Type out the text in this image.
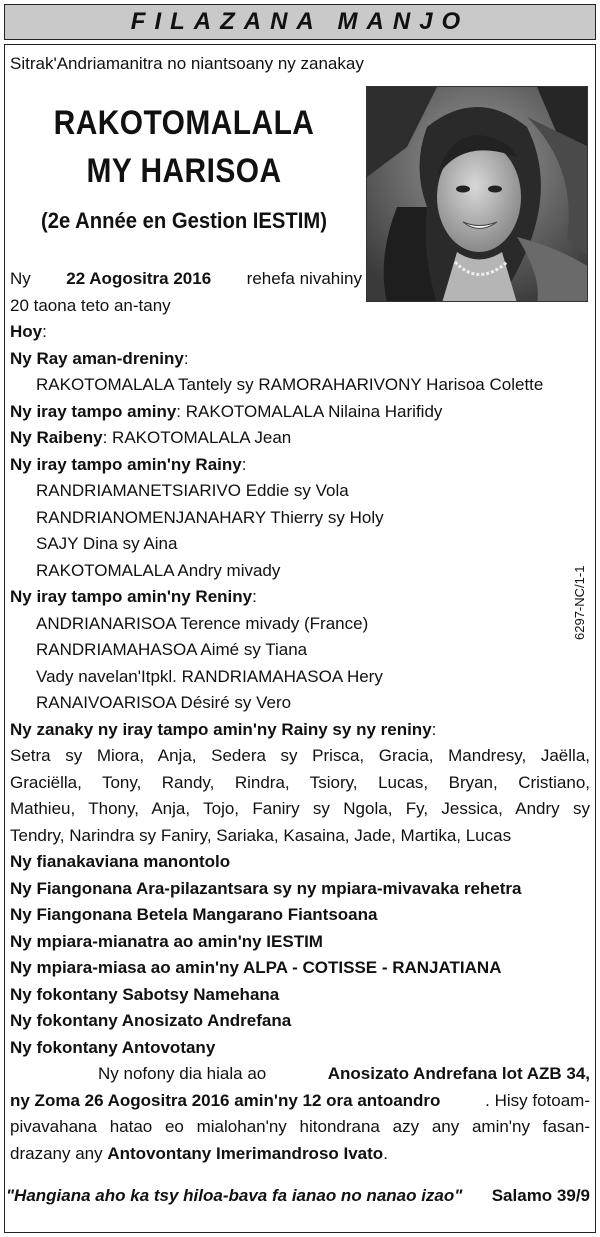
FILAZANA MANJO
Sitrak'Andriamanitra no niantsoany ny zanakay
RAKOTOMALALA
MY HARISOA
(2e Année en Gestion IESTIM)
Ny 22 Aogositra 2016 rehefa nivahiny
20 taona teto an-tany
Hoy:
Ny Ray aman-dreniny:
RAKOTOMALALA Tantely sy RAMORAHARIVONY Harisoa Colette
Ny iray tampo aminy: RAKOTOMALALA Nilaina Harifidy
Ny Raibeny: RAKOTOMALALA Jean
Ny iray tampo amin'ny Rainy:
RANDRIAMANETSIARIVO Eddie sy Vola
RANDRIANOMENJANAHARY Thierry sy Holy
SAJY Dina sy Aina
RAKOTOMALALA Andry mivady
Ny iray tampo amin'ny Reniny:
ANDRIANARISOA Terence mivady (France)
RANDRIAMAHASOA Aimé sy Tiana
Vady navelan'Itpkl. RANDRIAMAHASOA Hery
RANAIVOARISOA Désiré sy Vero
Ny zanaky ny iray tampo amin'ny Rainy sy ny reniny:
Setra sy Miora, Anja, Sedera sy Prisca, Gracia, Mandresy, Jaëlla,
Graciëlla, Tony, Randy, Rindra, Tsiory, Lucas, Bryan, Cristiano,
Mathieu, Thony, Anja, Tojo, Faniry sy Ngola, Fy, Jessica, Andry sy
Tendry, Narindra sy Faniry, Sariaka, Kasaina, Jade, Martika, Lucas
Ny fianakaviana manontolo
Ny Fiangonana Ara-pilazantsara sy ny mpiara-mivavaka rehetra
Ny Fiangonana Betela Mangarano Fiantsoana
Ny mpiara-mianatra ao amin'ny IESTIM
Ny mpiara-miasa ao amin'ny ALPA - COTISSE - RANJATIANA
Ny fokontany Sabotsy Namehana
Ny fokontany Anosizato Andrefana
Ny fokontany Antovotany
Ny nofony dia hiala ao	Anosizato Andrefana lot AZB 34,
ny Zoma 26 Aogositra 2016 amin'ny 12 ora antoandro	. Hisy fotoam-
pivavahana hatao eo mialohan'ny hitondrana azy any amin'ny fasan-
drazany any Antovontany Imerimandroso Ivato.
6297-NC/1-1
"Hangiana aho ka tsy hiloa-bava fa ianao no nanao izao" Salamo 39/9
